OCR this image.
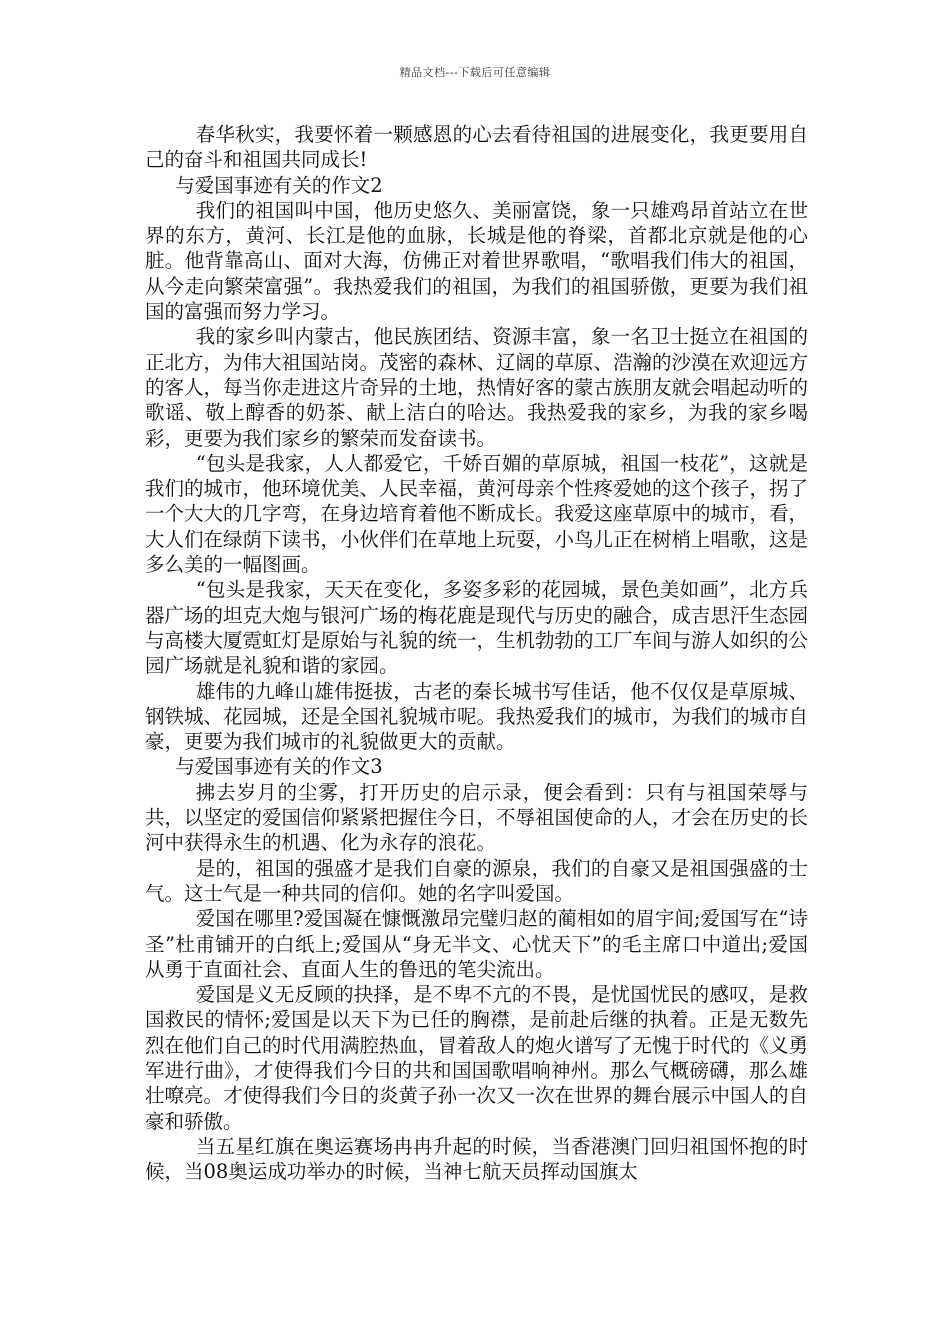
精品文档---下载后可任意编辑

春华秋实，我要怀着一颗感恩的心去看待祖国的进展变化，我更要用自己的奋斗和祖国共同成长!

与爱国事迹有关的作文2

我们的祖国叫中国，他历史悠久、美丽富饶，象一只雄鸡昂首站立在世界的东方，黄河、长江是他的血脉，长城是他的脊梁，首都北京就是他的心脏。他背靠高山、面对大海，仿佛正对着世界歌唱，“歌唱我们伟大的祖国，从今走向繁荣富强”。我热爱我们的祖国，为我们的祖国骄傲，更要为我们祖国的富强而努力学习。

我的家乡叫内蒙古，他民族团结、资源丰富，象一名卫士挺立在祖国的正北方，为伟大祖国站岗。茂密的森林、辽阔的草原、浩瀚的沙漠在欢迎远方的客人，每当你走进这片奇异的土地，热情好客的蒙古族朋友就会唱起动听的歌谣、敬上醇香的奶茶、献上洁白的哈达。我热爱我的家乡，为我的家乡喝彩，更要为我们家乡的繁荣而发奋读书。

“包头是我家，人人都爱它，千娇百媚的草原城，祖国一枝花”，这就是我们的城市，他环境优美、人民幸福，黄河母亲个性疼爱她的这个孩子，拐了一个大大的几字弯，在身边培育着他不断成长。我爱这座草原中的城市，看，大人们在绿荫下读书，小伙伴们在草地上玩耍，小鸟儿正在树梢上唱歌，这是多么美的一幅图画。

“包头是我家，天天在变化，多姿多彩的花园城，景色美如画”，北方兵器广场的坦克大炮与银河广场的梅花鹿是现代与历史的融合，成吉思汗生态园与高楼大厦霓虹灯是原始与礼貌的统一，生机勃勃的工厂车间与游人如织的公园广场就是礼貌和谐的家园。

雄伟的九峰山雄伟挺拔，古老的秦长城书写佳话，他不仅仅是草原城、钢铁城、花园城，还是全国礼貌城市呢。我热爱我们的城市，为我们的城市自豪，更要为我们城市的礼貌做更大的贡献。

与爱国事迹有关的作文3

拂去岁月的尘雾，打开历史的启示录，便会看到：只有与祖国荣辱与共，以坚定的爱国信仰紧紧把握住今日，不辱祖国使命的人，才会在历史的长河中获得永生的机遇、化为永存的浪花。

是的，祖国的强盛才是我们自豪的源泉，我们的自豪又是祖国强盛的士气。这士气是一种共同的信仰。她的名字叫爱国。

爱国在哪里?爱国凝在慷慨激昂完璧归赵的蔺相如的眉宇间;爱国写在“诗圣”杜甫铺开的白纸上;爱国从“身无半文、心忧天下”的毛主席口中道出;爱国从勇于直面社会、直面人生的鲁迅的笔尖流出。

爱国是义无反顾的抉择，是不卑不亢的不畏，是忧国忧民的感叹，是救国救民的情怀;爱国是以天下为已任的胸襟，是前赴后继的执着。正是无数先烈在他们自己的时代用满腔热血，冒着敌人的炮火谱写了无愧于时代的《义勇军进行曲》，才使得我们今日的共和国国歌唱响神州。那么气概磅礴，那么雄壮嘹亮。才使得我们今日的炎黄子孙一次又一次在世界的舞台展示中国人的自豪和骄傲。

当五星红旗在奥运赛场冉冉升起的时候，当香港澳门回归祖国怀抱的时候，当08奥运成功举办的时候，当神七航天员挥动国旗太
